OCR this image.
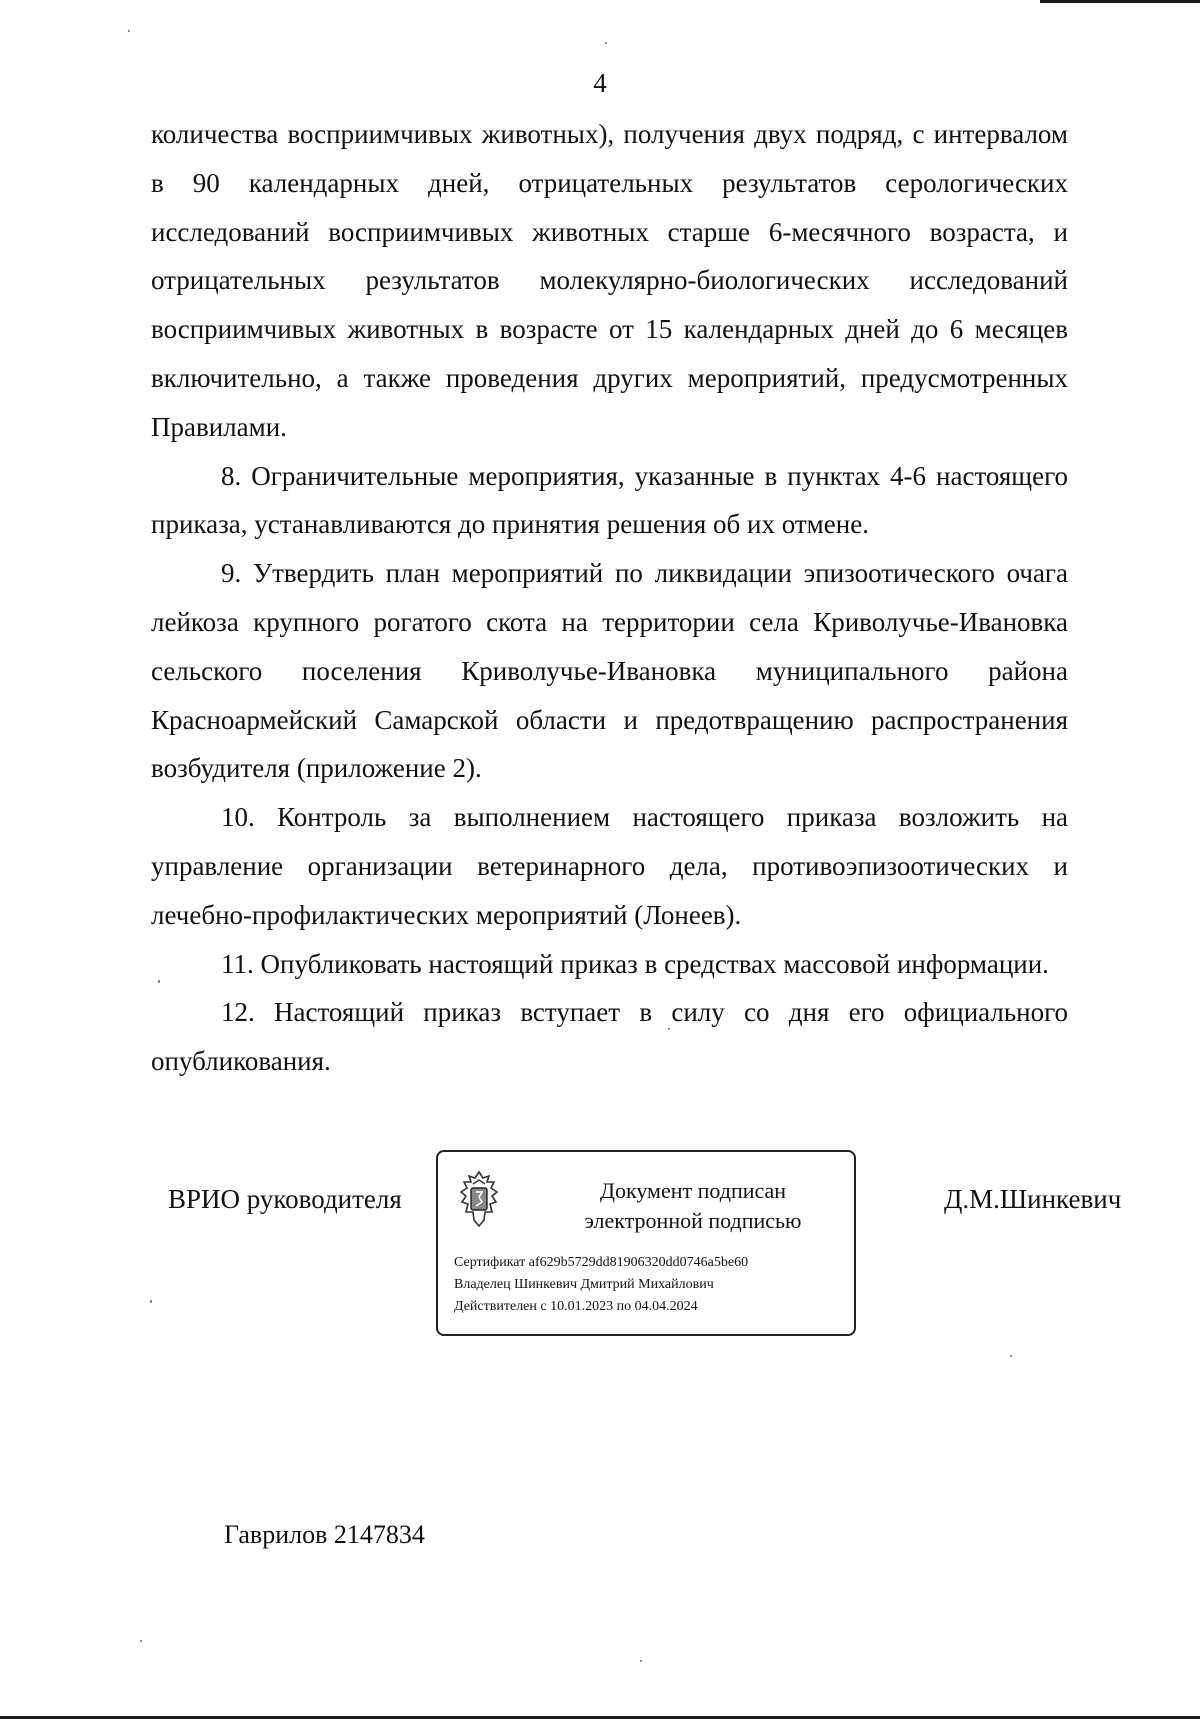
4

количества восприимчивых животных), получения двух подряд, с интервалом в 90 календарных дней, отрицательных результатов серологических исследований восприимчивых животных старше 6-месячного возраста, и отрицательных результатов молекулярно-биологических исследований восприимчивых животных в возрасте от 15 календарных дней до 6 месяцев включительно, а также проведения других мероприятий, предусмотренных Правилами.

8. Ограничительные мероприятия, указанные в пунктах 4-6 настоящего приказа, устанавливаются до принятия решения об их отмене.

9. Утвердить план мероприятий по ликвидации эпизоотического очага лейкоза крупного рогатого скота на территории села Криволучье-Ивановка сельского поселения Криволучье-Ивановка муниципального района Красноармейский Самарской области и предотвращению распространения возбудителя (приложение 2).

10. Контроль за выполнением настоящего приказа возложить на управление организации ветеринарного дела, противоэпизоотических и лечебно-профилактических мероприятий (Лонеев).

11. Опубликовать настоящий приказ в средствах массовой информации.

12. Настоящий приказ вступает в силу со дня его официального опубликования.

ВРИО руководителя	Документ подписан
электронной подписью
Сертификат af629b5729dd81906320dd0746a5be60
Владелец Шинкевич Дмитрий Михайлович
Действителен с 10.01.2023 по 04.04.2024
Д.М.Шинкевич
Гаврилов 2147834
